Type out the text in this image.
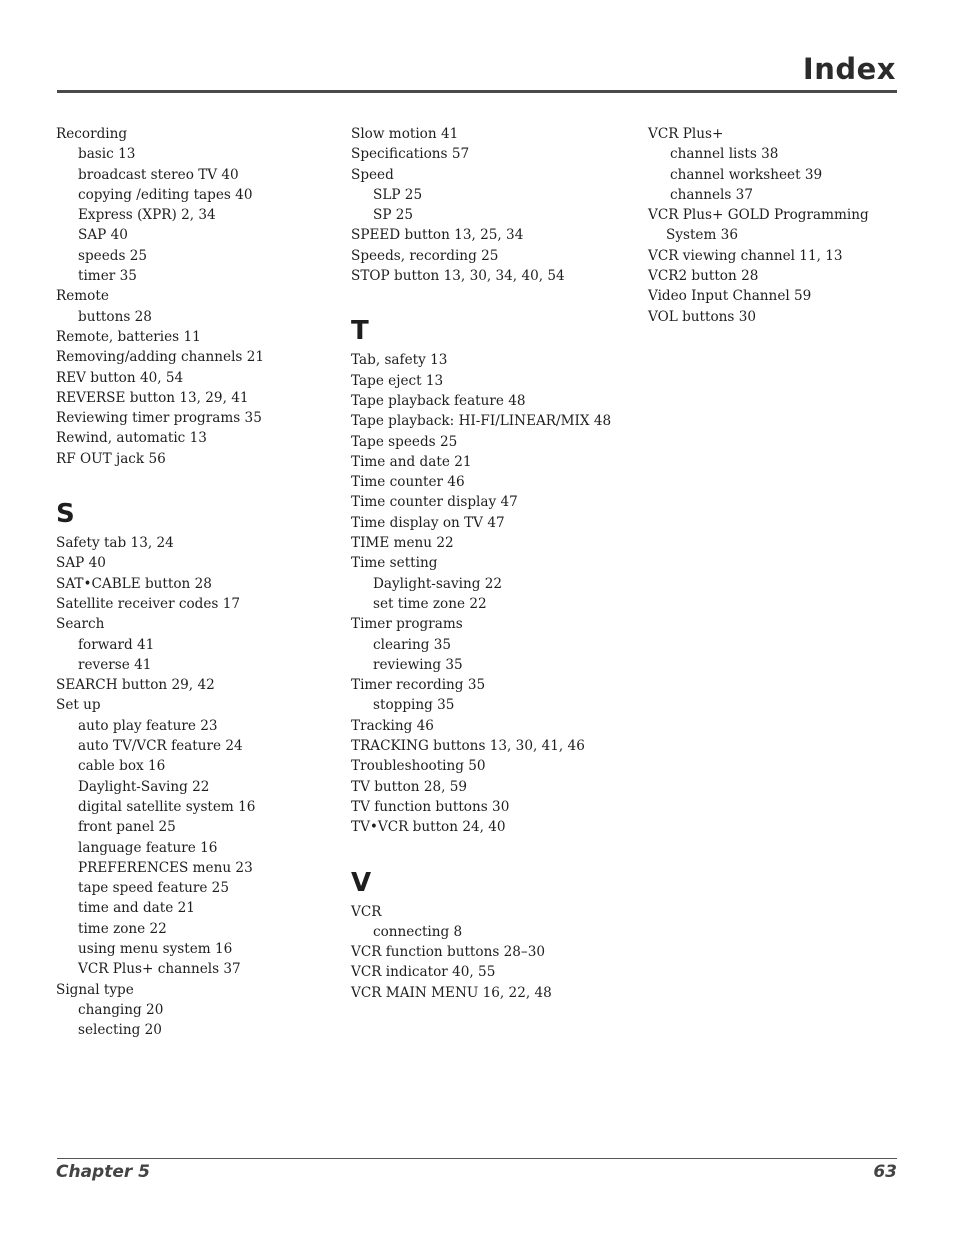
Index
Recording
basic 13
broadcast stereo TV 40
copying /editing tapes 40
Express (XPR) 2, 34
SAP 40
speeds 25
timer 35
Remote
buttons 28
Remote, batteries 11
Removing/adding channels 21
REV button 40, 54
REVERSE button 13, 29, 41
Reviewing timer programs 35
Rewind, automatic 13
RF OUT jack 56
S
Safety tab 13, 24
SAP 40
SAT•CABLE button 28
Satellite receiver codes 17
Search
forward 41
reverse 41
SEARCH button 29, 42
Set up
auto play feature 23
auto TV/VCR feature 24
cable box 16
Daylight-Saving 22
digital satellite system 16
front panel 25
language feature 16
PREFERENCES menu 23
tape speed feature 25
time and date 21
time zone 22
using menu system 16
VCR Plus+ channels 37
Signal type
changing 20
selecting 20
Slow motion 41
Specifications 57
Speed
SLP 25
SP 25
SPEED button 13, 25, 34
Speeds, recording 25
STOP button 13, 30, 34, 40, 54
T
Tab, safety 13
Tape eject 13
Tape playback feature 48
Tape playback: HI-FI/LINEAR/MIX 48
Tape speeds 25
Time and date 21
Time counter 46
Time counter display 47
Time display on TV 47
TIME menu 22
Time setting
Daylight-saving 22
set time zone 22
Timer programs
clearing 35
reviewing 35
Timer recording 35
stopping 35
Tracking 46
TRACKING buttons 13, 30, 41, 46
Troubleshooting 50
TV button 28, 59
TV function buttons 30
TV•VCR button 24, 40
V
VCR
connecting 8
VCR function buttons 28–30
VCR indicator 40, 55
VCR MAIN MENU 16, 22, 48
VCR Plus+
channel lists 38
channel worksheet 39
channels 37
VCR Plus+ GOLD Programming System 36
VCR viewing channel 11, 13
VCR2 button 28
Video Input Channel 59
VOL buttons 30
Chapter 5	63
